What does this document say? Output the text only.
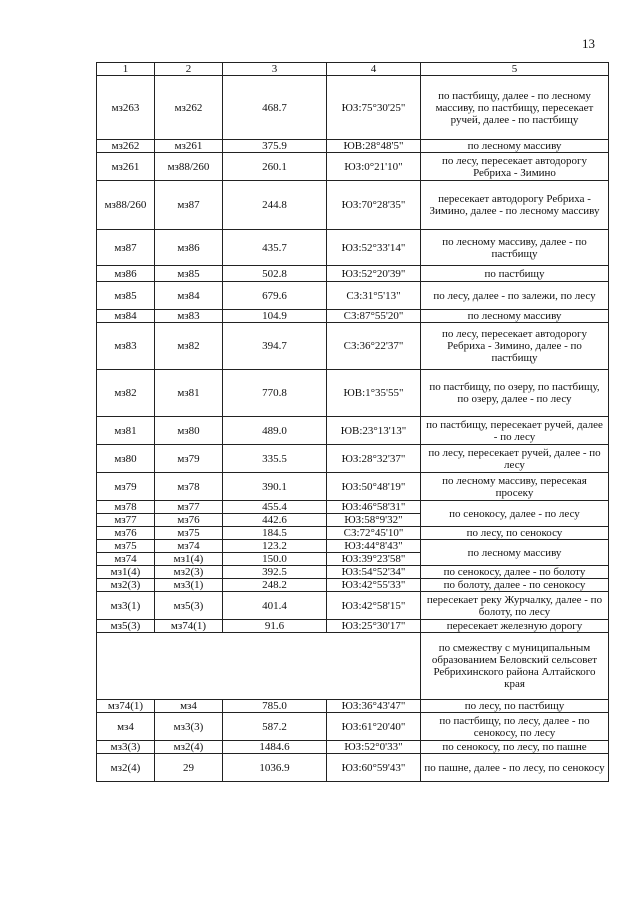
13
1	2	3	4	5
мз263	мз262	468.7	ЮЗ:75°30'25"	по пастбищу, далее - по лесному массиву, по пастбищу, пересекает ручей, далее - по пастбищу
мз262	мз261	375.9	ЮВ:28°48'5"	по лесному массиву
мз261	мз88/260	260.1	ЮЗ:0°21'10"	по лесу, пересекает автодорогу Ребриха - Зимино
мз88/260	мз87	244.8	ЮЗ:70°28'35"	пересекает автодорогу Ребриха - Зимино, далее - по лесному массиву
мз87	мз86	435.7	ЮЗ:52°33'14"	по лесному массиву, далее - по пастбищу
мз86	мз85	502.8	ЮЗ:52°20'39"	по пастбищу
мз85	мз84	679.6	СЗ:31°5'13"	по лесу, далее - по залежи, по лесу
мз84	мз83	104.9	СЗ:87°55'20"	по лесному массиву
мз83	мз82	394.7	СЗ:36°22'37"	по лесу, пересекает автодорогу Ребриха - Зимино, далее - по пастбищу
мз82	мз81	770.8	ЮВ:1°35'55"	по пастбищу, по озеру, по пастбищу, по озеру, далее - по лесу
мз81	мз80	489.0	ЮВ:23°13'13"	по пастбищу, пересекает ручей, далее - по лесу
мз80	мз79	335.5	ЮЗ:28°32'37"	по лесу, пересекает ручей, далее - по лесу
мз79	мз78	390.1	ЮЗ:50°48'19"	по лесному массиву, пересекая просеку
мз78	мз77	455.4	ЮЗ:46°58'31"	по сенокосу, далее - по лесу
мз77	мз76	442.6	ЮЗ:58°9'32"	
мз76	мз75	184.5	СЗ:72°45'10"	по лесу, по сенокосу
мз75	мз74	123.2	ЮЗ:44°8'43"	по лесному массиву
мз74	мз1(4)	150.0	ЮЗ:39°23'58"	
мз1(4)	мз2(3)	392.5	ЮЗ:54°52'34"	по сенокосу, далее - по болоту
мз2(3)	мз3(1)	248.2	ЮЗ:42°55'33"	по болоту, далее - по сенокосу
мз3(1)	мз5(3)	401.4	ЮЗ:42°58'15"	пересекает реку Журчалку, далее - по болоту, по лесу
мз5(3)	мз74(1)	91.6	ЮЗ:25°30'17"	пересекает железную дорогу
				по смежеству с муниципальным образованием Беловский сельсовет Ребрихинского района Алтайского края
мз74(1)	мз4	785.0	ЮЗ:36°43'47"	по лесу, по пастбищу
мз4	мз3(3)	587.2	ЮЗ:61°20'40"	по пастбищу, по лесу, далее - по сенокосу, по лесу
мз3(3)	мз2(4)	1484.6	ЮЗ:52°0'33"	по сенокосу, по лесу, по пашне
мз2(4)	29	1036.9	ЮЗ:60°59'43"	по пашне, далее - по лесу, по сенокосу
